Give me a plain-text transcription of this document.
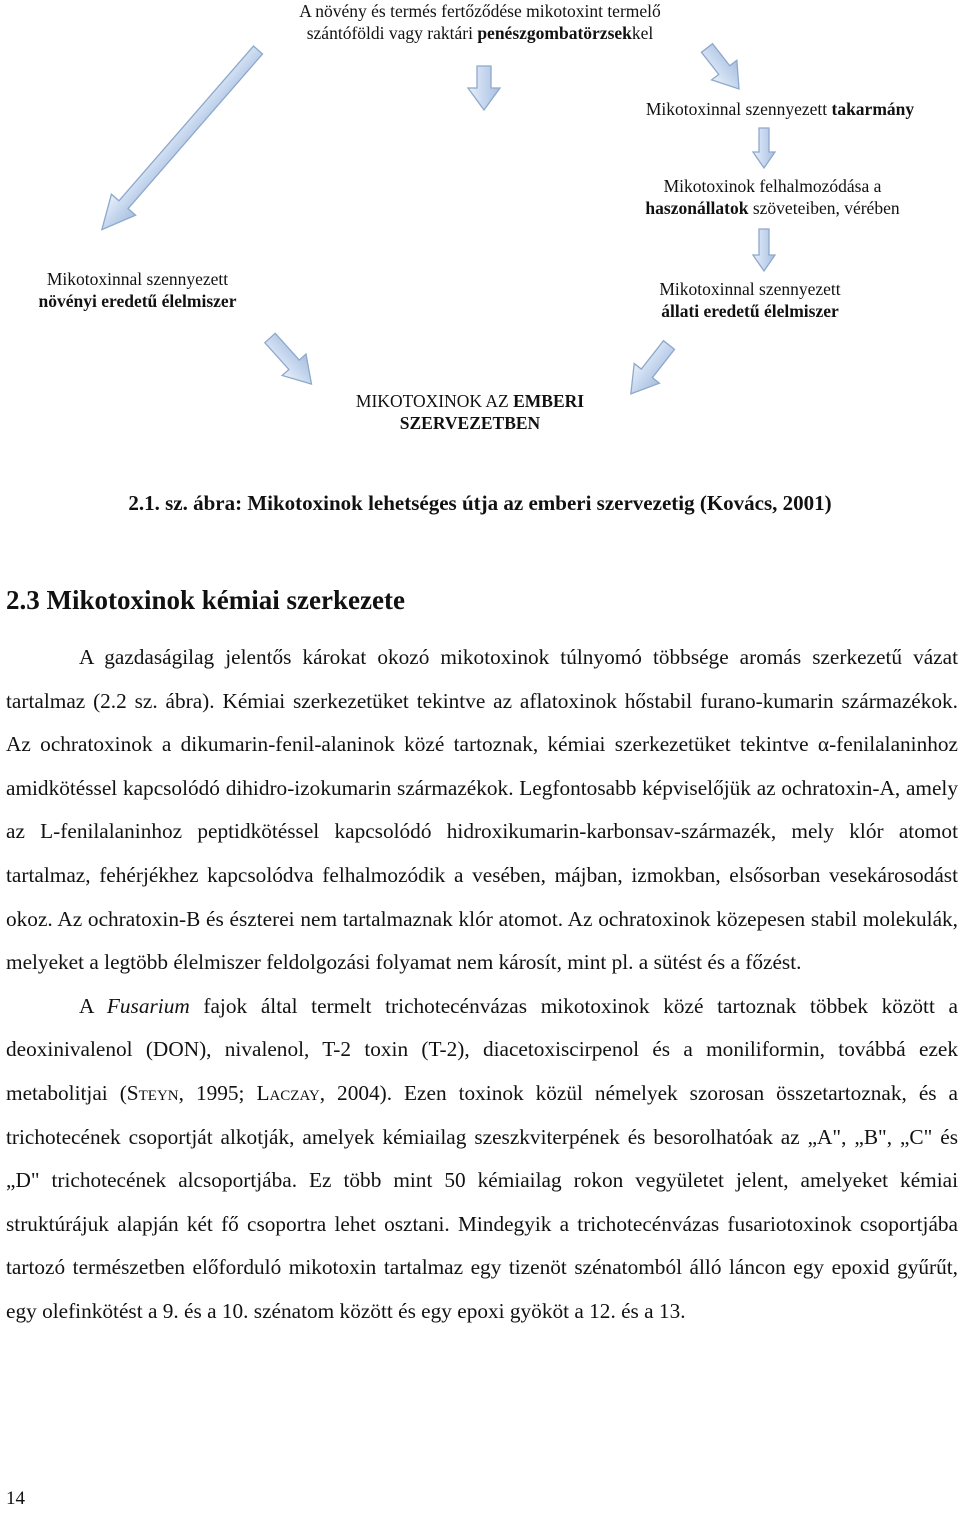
A növény és termés fertőződése mikotoxint termelő
szántóföldi vagy raktári penészgombatörzsekkel
Mikotoxinnal szennyezett takarmány
Mikotoxinok felhalmozódása a
haszonállatok szöveteiben, vérében
Mikotoxinnal szennyezett
növényi eredetű élelmiszer
Mikotoxinnal szennyezett
állati eredetű élelmiszer
MIKOTOXINOK AZ EMBERI
SZERVEZETBEN
2.1. sz. ábra: Mikotoxinok lehetséges útja az emberi szervezetig (Kovács, 2001)
2.3 Mikotoxinok kémiai szerkezete

A gazdaságilag jelentős károkat okozó mikotoxinok túlnyomó többsége aromás szerkezetű vázat tartalmaz (2.2 sz. ábra). Kémiai szerkezetüket tekintve az aflatoxinok hőstabil furano-kumarin származékok. Az ochratoxinok a dikumarin-fenil-alaninok közé tartoznak, kémiai szerkezetüket tekintve α-fenilalaninhoz amidkötéssel kapcsolódó dihidro-izokumarin származékok. Legfontosabb képviselőjük az ochratoxin-A, amely az L-fenilalaninhoz peptidkötéssel kapcsolódó hidroxikumarin-karbonsav-származék, mely klór atomot tartalmaz, fehérjékhez kapcsolódva felhalmozódik a vesében, májban, izmokban, elsősorban vesekárosodást okoz. Az ochratoxin-B és észterei nem tartalmaznak klór atomot. Az ochratoxinok közepesen stabil molekulák, melyeket a legtöbb élelmiszer feldolgozási folyamat nem károsít, mint pl. a sütést és a főzést.

A Fusarium fajok által termelt trichotecénvázas mikotoxinok közé tartoznak többek között a deoxinivalenol (DON), nivalenol, T-2 toxin (T-2), diacetoxiscirpenol és a moniliformin, továbbá ezek metabolitjai (Steyn, 1995; Laczay, 2004). Ezen toxinok közül némelyek szorosan összetartoznak, és a trichotecének csoportját alkotják, amelyek kémiailag szeszkviterpének és besorolhatóak az „A", „B", „C" és „D" trichotecének alcsoportjába. Ez több mint 50 kémiailag rokon vegyületet jelent, amelyeket kémiai struktúrájuk alapján két fő csoportra lehet osztani. Mindegyik a trichotecénvázas fusariotoxinok csoportjába tartozó természetben előforduló mikotoxin tartalmaz egy tizenöt szénatomból álló láncon egy epoxid gyűrűt, egy olefinkötést a 9. és a 10. szénatom között és egy epoxi gyököt a 12. és a 13.

14
